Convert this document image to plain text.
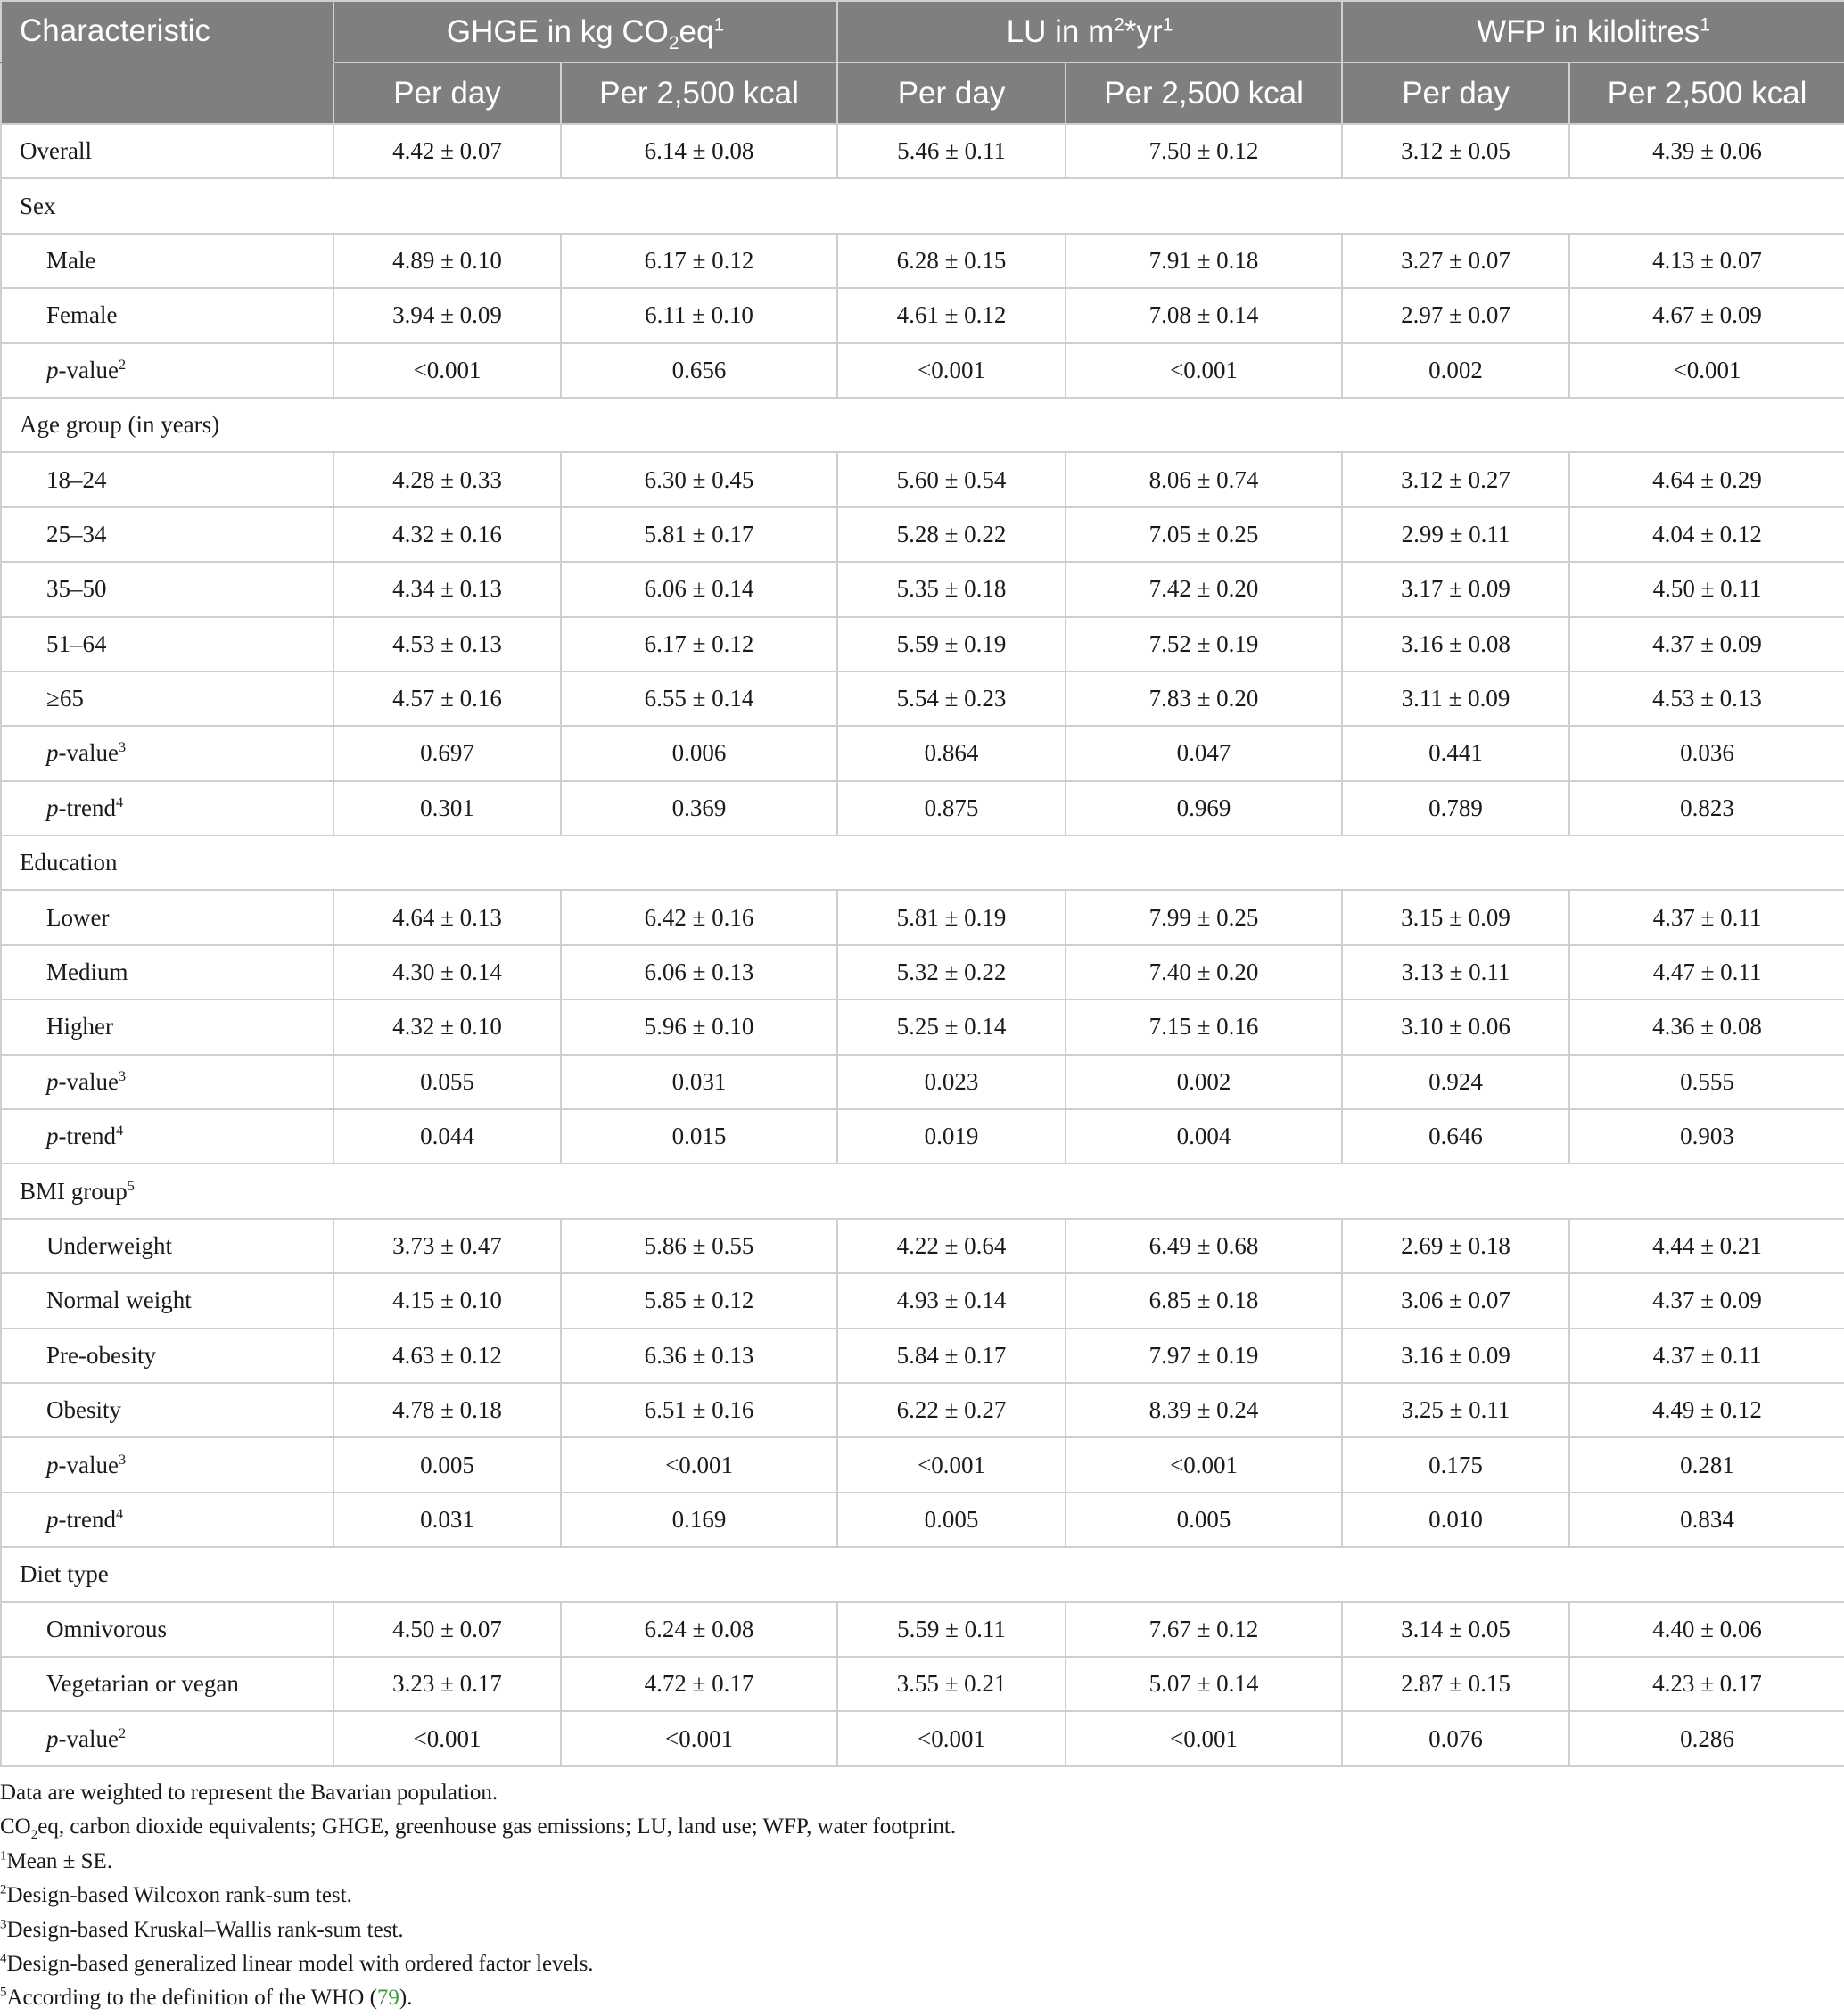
Characteristic	GHGE in kg $CO_2eq^1$		LU in $m^2*yr^1$		WFP in kilolitres$^1$
	Per day	Per 2,500 kcal	Per day	Per 2,500 kcal	Per day	Per 2,500 kcal
Overall	4.42 ± 0.07	6.14 ± 0.08	5.46 ± 0.11	7.50 ± 0.12	3.12 ± 0.05	4.39 ± 0.06
Sex						
Male	4.89 ± 0.10	6.17 ± 0.12	6.28 ± 0.15	7.91 ± 0.18	3.27 ± 0.07	4.13 ± 0.07
Female	3.94 ± 0.09	6.11 ± 0.10	4.61 ± 0.12	7.08 ± 0.14	2.97 ± 0.07	4.67 ± 0.09
p-value$^2$	<0.001	0.656	<0.001	<0.001	0.002	<0.001
Age group (in years)						
18–24	4.28 ± 0.33	6.30 ± 0.45	5.60 ± 0.54	8.06 ± 0.74	3.12 ± 0.27	4.64 ± 0.29
25–34	4.32 ± 0.16	5.81 ± 0.17	5.28 ± 0.22	7.05 ± 0.25	2.99 ± 0.11	4.04 ± 0.12
35–50	4.34 ± 0.13	6.06 ± 0.14	5.35 ± 0.18	7.42 ± 0.20	3.17 ± 0.09	4.50 ± 0.11
51–64	4.53 ± 0.13	6.17 ± 0.12	5.59 ± 0.19	7.52 ± 0.19	3.16 ± 0.08	4.37 ± 0.09
≥65	4.57 ± 0.16	6.55 ± 0.14	5.54 ± 0.23	7.83 ± 0.20	3.11 ± 0.09	4.53 ± 0.13
p-value$^3$	0.697	0.006	0.864	0.047	0.441	0.036
p-trend$^4$	0.301	0.369	0.875	0.969	0.789	0.823
Education						
Lower	4.64 ± 0.13	6.42 ± 0.16	5.81 ± 0.19	7.99 ± 0.25	3.15 ± 0.09	4.37 ± 0.11
Medium	4.30 ± 0.14	6.06 ± 0.13	5.32 ± 0.22	7.40 ± 0.20	3.13 ± 0.11	4.47 ± 0.11
Higher	4.32 ± 0.10	5.96 ± 0.10	5.25 ± 0.14	7.15 ± 0.16	3.10 ± 0.06	4.36 ± 0.08
p-value$^3$	0.055	0.031	0.023	0.002	0.924	0.555
p-trend$^4$	0.044	0.015	0.019	0.004	0.646	0.903
BMI group$^5$
Underweight	3.73 ± 0.47	5.86 ± 0.55	4.22 ± 0.64	6.49 ± 0.68	2.69 ± 0.18	4.44 ± 0.21
Normal weight	4.15 ± 0.10	5.85 ± 0.12	4.93 ± 0.14	6.85 ± 0.18	3.06 ± 0.07	4.37 ± 0.09
Pre-obesity	4.63 ± 0.12	6.36 ± 0.13	5.84 ± 0.17	7.97 ± 0.19	3.16 ± 0.09	4.37 ± 0.11
Obesity	4.78 ± 0.18	6.51 ± 0.16	6.22 ± 0.27	8.39 ± 0.24	3.25 ± 0.11	4.49 ± 0.12
p-value$^3$	0.005	<0.001	<0.001	<0.001	0.175	0.281
p-trend$^4$	0.031	0.169	0.005	0.005	0.010	0.834
Diet type						
Omnivorous	4.50 ± 0.07	6.24 ± 0.08	5.59 ± 0.11	7.67 ± 0.12	3.14 ± 0.05	4.40 ± 0.06
Vegetarian or vegan	3.23 ± 0.17	4.72 ± 0.17	3.55 ± 0.21	5.07 ± 0.14	2.87 ± 0.15	4.23 ± 0.17
p-value$^2$	<0.001	<0.001	<0.001	<0.001	0.076	0.286
Data are weighted to represent the Bavarian population.
$CO_2eq$, carbon dioxide equivalents; GHGE, greenhouse gas emissions; LU, land use; WFP, water footprint.
$^1$Mean ± SE.
$^2$Design-based Wilcoxon rank-sum test.
$^3$Design-based Kruskal–Wallis rank-sum test.
$^4$Design-based generalized linear model with ordered factor levels.
$^5$According to the definition of the WHO (79).
